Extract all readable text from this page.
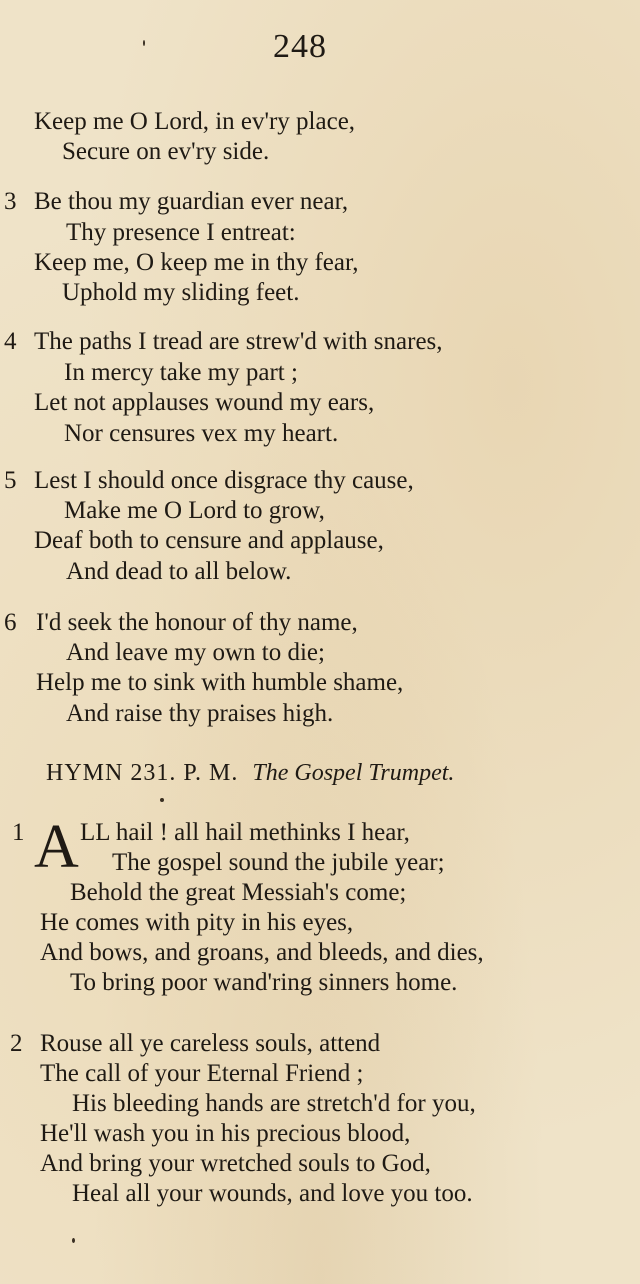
248
Keep me O Lord, in ev'ry place,
Secure on ev'ry side.
3 Be thou my guardian ever near,
Thy presence I entreat:
Keep me, O keep me in thy fear,
Uphold my sliding feet.
4 The paths I tread are strew'd with snares,
In mercy take my part ;
Let not applauses wound my ears,
Nor censures vex my heart.
5 Lest I should once disgrace thy cause,
Make me O Lord to grow,
Deaf both to censure and applause,
And dead to all below.
6 I'd seek the honour of thy name,
And leave my own to die;
Help me to sink with humble shame,
And raise thy praises high.
HYMN 231. P. M. The Gospel Trumpet.
1 A LL hail ! all hail methinks I hear,
The gospel sound the jubile year;
Behold the great Messiah's come;
He comes with pity in his eyes,
And bows, and groans, and bleeds, and dies,
To bring poor wand'ring sinners home.
2 Rouse all ye careless souls, attend
The call of your Eternal Friend ;
His bleeding hands are stretch'd for you,
He'll wash you in his precious blood,
And bring your wretched souls to God,
Heal all your wounds, and love you too.
